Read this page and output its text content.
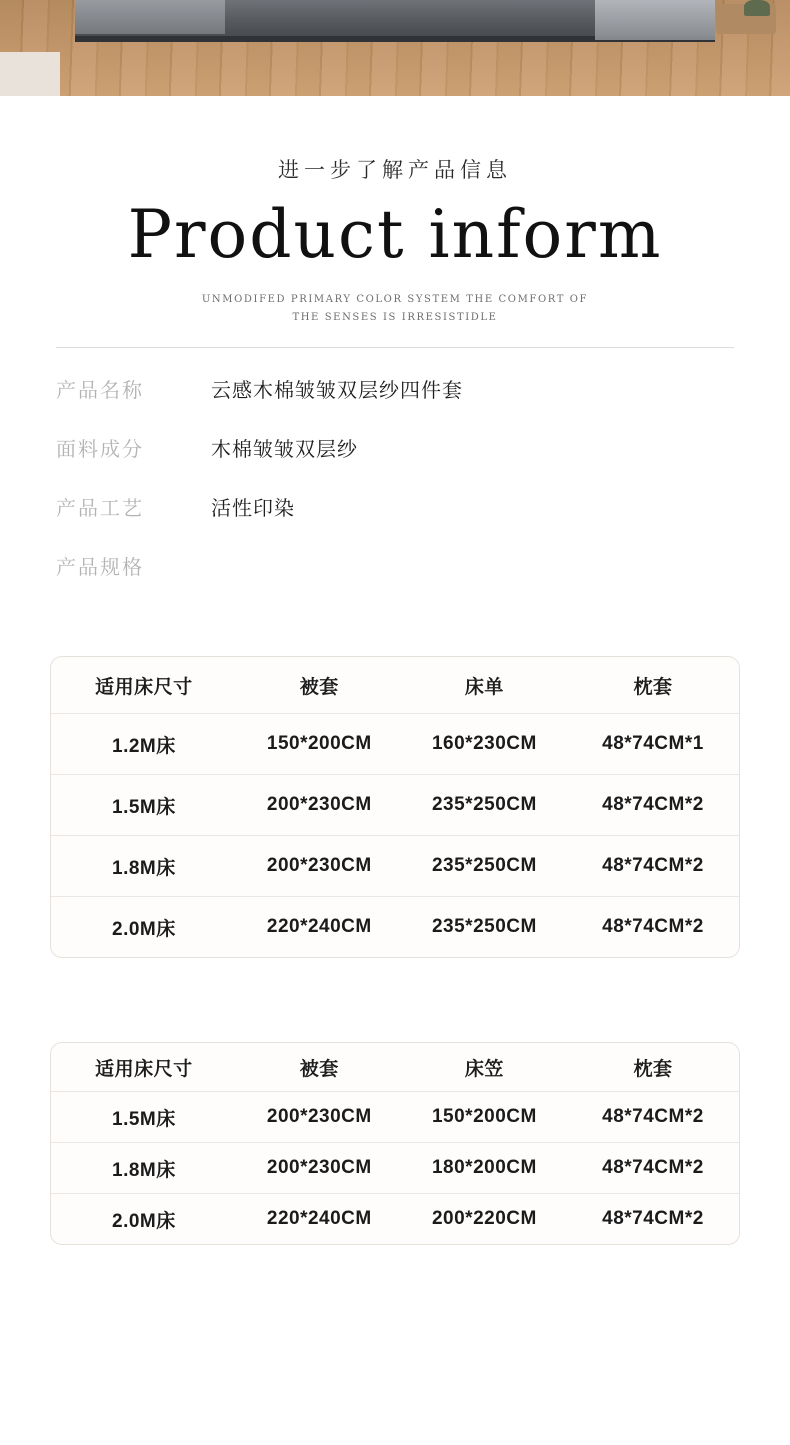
进一步了解产品信息
Product inform
UNMODIFED PRIMARY COLOR SYSTEM THE COMFORT OF
THE SENSES IS IRRESISTIDLE
产品名称	云感木棉皱皱双层纱四件套
面料成分	木棉皱皱双层纱
产品工艺	活性印染
产品规格
适用床尺寸	被套	床单	枕套
1.2M床	150*200CM	160*230CM	48*74CM*1
1.5M床	200*230CM	235*250CM	48*74CM*2
1.8M床	200*230CM	235*250CM	48*74CM*2
2.0M床	220*240CM	235*250CM	48*74CM*2
适用床尺寸	被套	床笠	枕套
1.5M床	200*230CM	150*200CM	48*74CM*2
1.8M床	200*230CM	180*200CM	48*74CM*2
2.0M床	220*240CM	200*220CM	48*74CM*2
